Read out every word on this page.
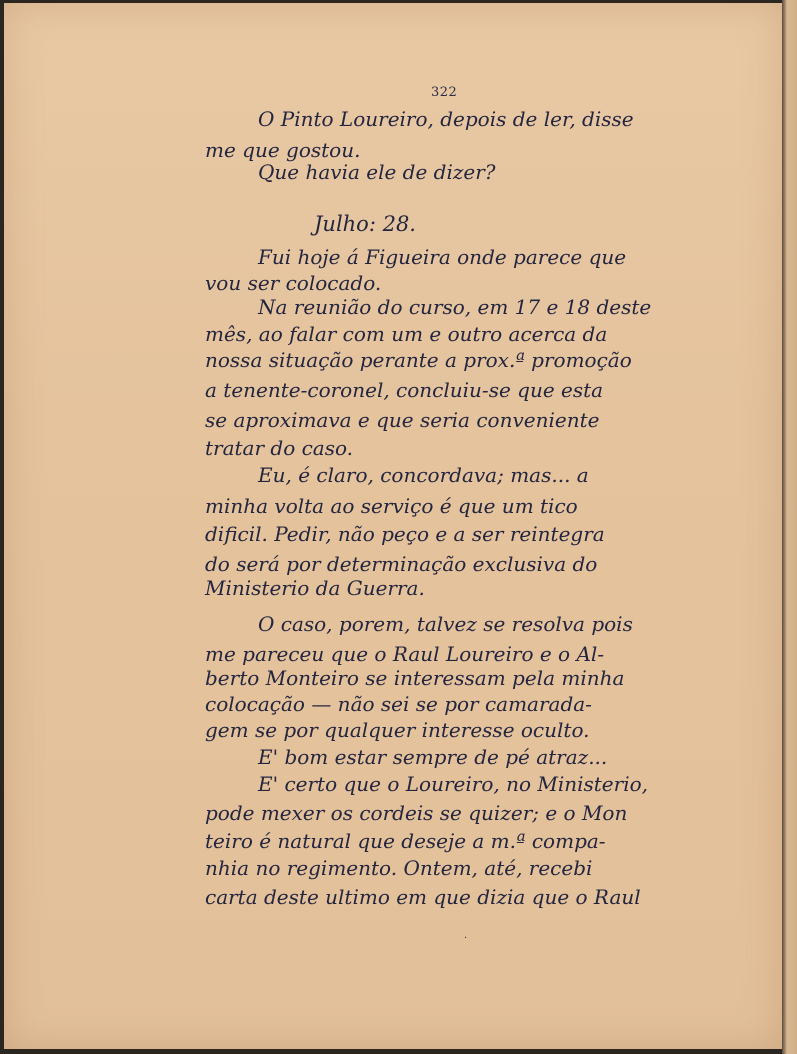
322
O Pinto Loureiro, depois de ler, disse
me que gostou.
Que havia ele de dizer?
Julho: 28.
Fui hoje á Figueira onde parece que
vou ser colocado.
Na reunião do curso, em 17 e 18 deste
mês, ao falar com um e outro acerca da
nossa situação perante a prox.ª promoção
a tenente-coronel, concluiu-se que esta
se aproximava e que seria conveniente
tratar do caso.
Eu, é claro, concordava; mas... a
minha volta ao serviço é que um tico
dificil. Pedir, não peço e a ser reintegra
do será por determinação exclusiva do
Ministerio da Guerra.
O caso, porem, talvez se resolva pois
me pareceu que o Raul Loureiro e o Al-
berto Monteiro se interessam pela minha
colocação — não sei se por camarada-
gem se por qualquer interesse oculto.
E' bom estar sempre de pé atraz...
E' certo que o Loureiro, no Ministerio,
pode mexer os cordeis se quizer; e o Mon
teiro é natural que deseje a m.ª compa-
nhia no regimento. Ontem, até, recebi
carta deste ultimo em que dizia que o Raul
·
